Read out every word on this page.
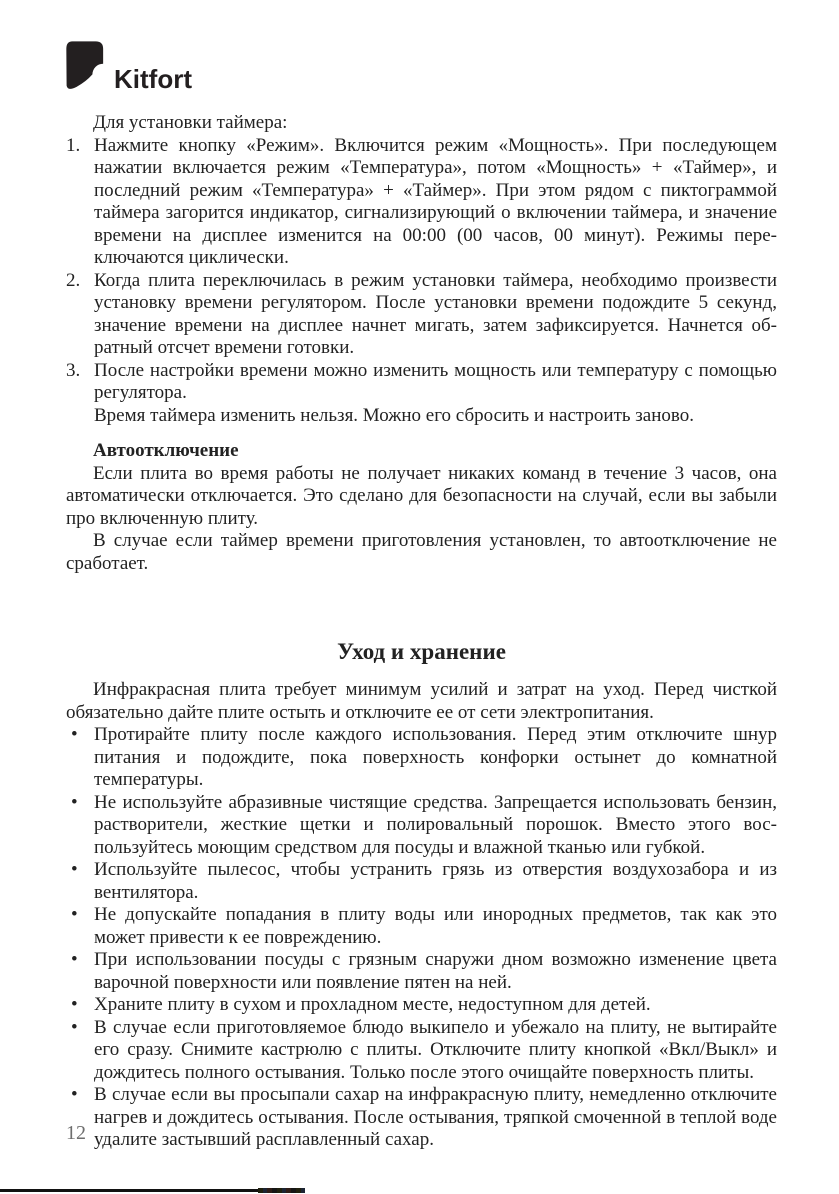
Kitfort

Для установки таймера:

Нажмите кнопку «Режим». Включится режим «Мощность». При последующем нажатии включается режим «Температура», потом «Мощность» + «Таймер», и последний режим «Температура» + «Таймер». При этом рядом с пиктограммой таймера загорится индикатор, сигнализирующий о включении таймера, и значение времени на дисплее изменится на 00:00 (00 часов, 00 минут). Режимы переключаются циклически.
Когда плита переключилась в режим установки таймера, необходимо произвести установку времени регулятором. После установки времени подождите 5 секунд, значение времени на дисплее начнет мигать, затем зафиксируется. Начнется обратный отсчет времени готовки.

После настройки времени можно изменить мощность или температуру с помощью регулятора.

Время таймера изменить нельзя. Можно его сбросить и настроить заново.

Автоотключение

Если плита во время работы не получает никаких команд в течение 3 часов, она автоматически отключается. Это сделано для безопасности на случай, если вы забыли про включенную плиту.

В случае если таймер времени приготовления установлен, то автоотключение не сработает.

Уход и хранение

Инфракрасная плита требует минимум усилий и затрат на уход. Перед чисткой обязательно дайте плите остыть и отключите ее от сети электропитания.

• Протирайте плиту после каждого использования. Перед этим отключите шнур питания и подождите, пока поверхность конфорки остынет до комнатной температуры.
• Не используйте абразивные чистящие средства. Запрещается использовать бензин, растворители, жесткие щетки и полировальный порошок. Вместо этого воспользуйтесь моющим средством для посуды и влажной тканью или губкой.
• Используйте пылесос, чтобы устранить грязь из отверстия воздухозабора и из вентилятора.
• Не допускайте попадания в плиту воды или инородных предметов, так как это может привести к ее повреждению.
• При использовании посуды с грязным снаружи дном возможно изменение цвета варочной поверхности или появление пятен на ней.
• Храните плиту в сухом и прохладном месте, недоступном для детей.
• В случае если приготовляемое блюдо выкипело и убежало на плиту, не вытирайте его сразу. Снимите кастрюлю с плиты. Отключите плиту кнопкой «Вкл/Выкл» и дождитесь полного остывания. Только после этого очищайте поверхность плиты.
• В случае если вы просыпали сахар на инфракрасную плиту, немедленно отключите нагрев и дождитесь остывания. После остывания, тряпкой смоченной в теплой воде удалите застывший расплавленный сахар.
12
